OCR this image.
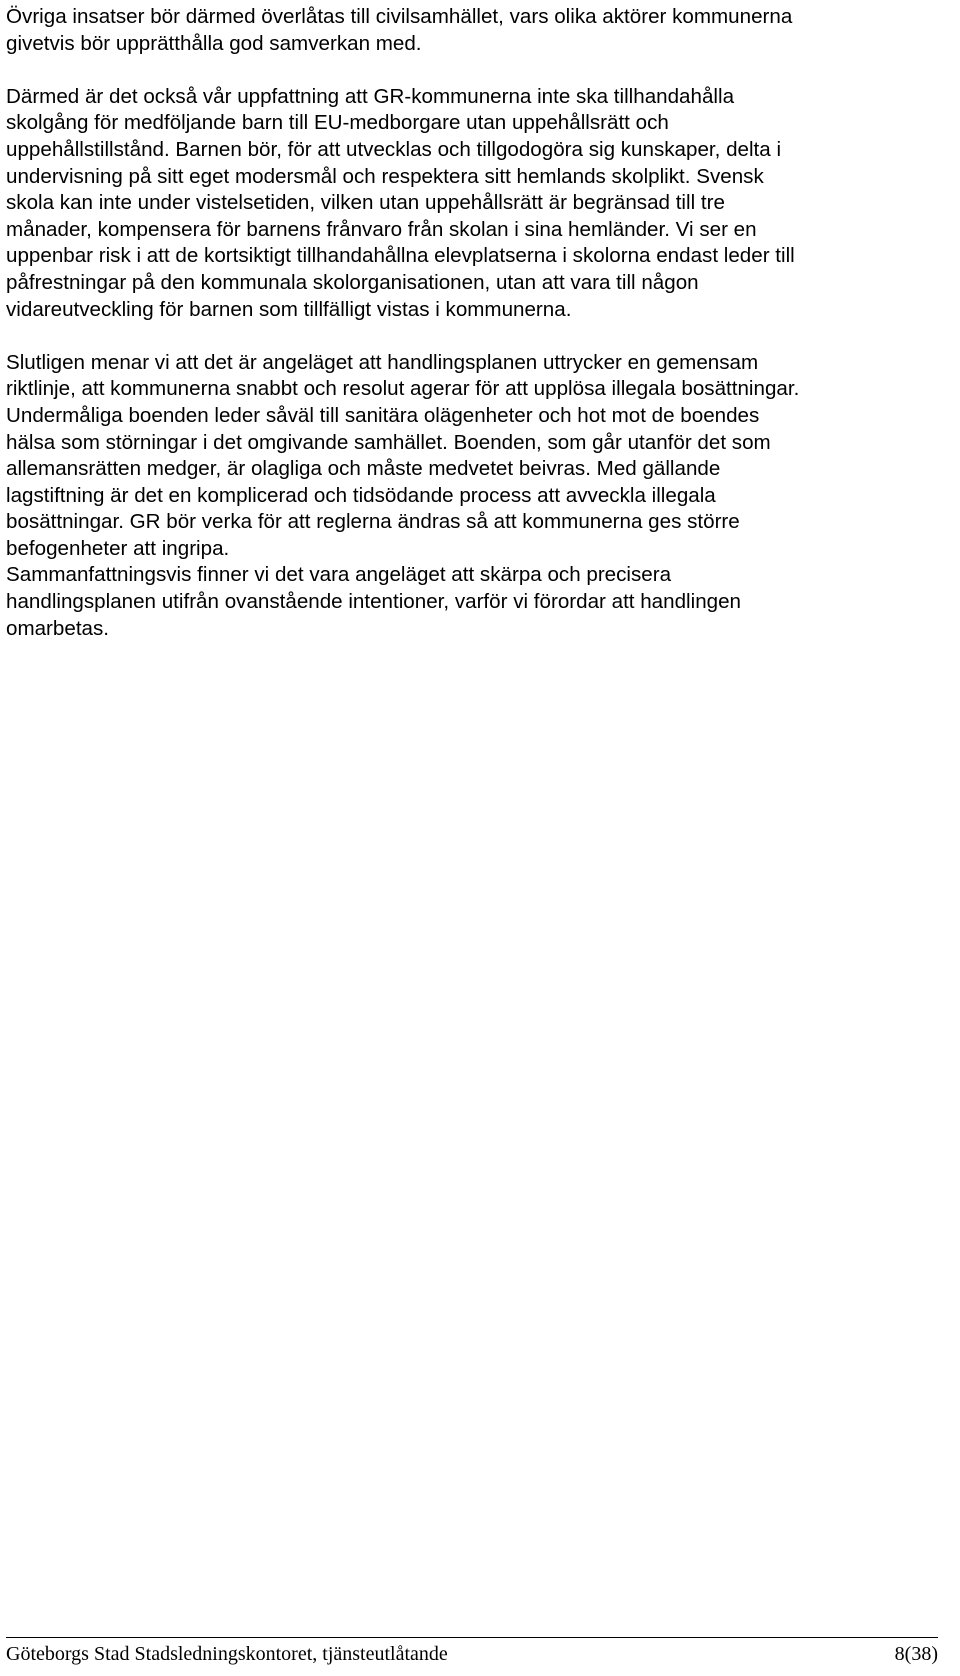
Övriga insatser bör därmed överlåtas till civilsamhället, vars olika aktörer kommunerna
givetvis bör upprätthålla god samverkan med.

Därmed är det också vår uppfattning att GR-kommunerna inte ska tillhandahålla
skolgång för medföljande barn till EU-medborgare utan uppehållsrätt och
uppehållstillstånd. Barnen bör, för att utvecklas och tillgodogöra sig kunskaper, delta i
undervisning på sitt eget modersmål och respektera sitt hemlands skolplikt. Svensk
skola kan inte under vistelsetiden, vilken utan uppehållsrätt är begränsad till tre
månader, kompensera för barnens frånvaro från skolan i sina hemländer. Vi ser en
uppenbar risk i att de kortsiktigt tillhandahållna elevplatserna i skolorna endast leder till
påfrestningar på den kommunala skolorganisationen, utan att vara till någon
vidareutveckling för barnen som tillfälligt vistas i kommunerna.

Slutligen menar vi att det är angeläget att handlingsplanen uttrycker en gemensam
riktlinje, att kommunerna snabbt och resolut agerar för att upplösa illegala bosättningar.
Undermåliga boenden leder såväl till sanitära olägenheter och hot mot de boendes
hälsa som störningar i det omgivande samhället. Boenden, som går utanför det som
allemansrätten medger, är olagliga och måste medvetet beivras. Med gällande
lagstiftning är det en komplicerad och tidsödande process att avveckla illegala
bosättningar. GR bör verka för att reglerna ändras så att kommunerna ges större
befogenheter att ingripa.
Sammanfattningsvis finner vi det vara angeläget att skärpa och precisera
handlingsplanen utifrån ovanstående intentioner, varför vi förordar att handlingen
omarbetas.

Göteborgs Stad Stadsledningskontoret, tjänsteutlåtande	8(38)
